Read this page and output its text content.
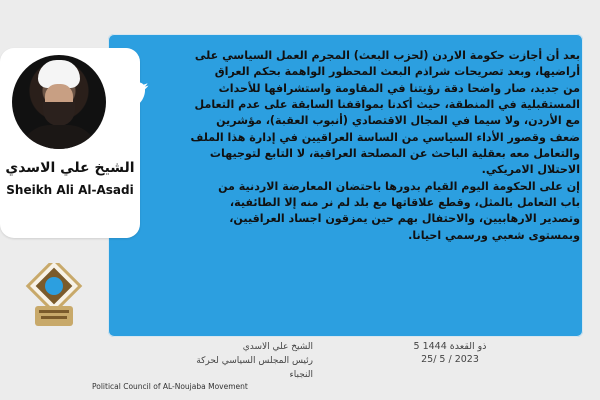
الشيخ علي الاسدي
Sheikh Ali Al-Asadi
بعد أن أجازت حكومة الاردن (لحزب البعث) المجرم العمل السياسي على
أراضيها، وبعد تصريحات شراذم البعث المحظور الواهمة بحكم العراق
من جديد، صار واضحا دقة رؤيتنا في المقاومة واستشرافها للأحداث
المستقبلية في المنطقة، حيث أكدنا بمواقفنا السابقة على عدم التعامل
مع الأردن، ولا سيما في المجال الاقتصادي (أنبوب العقبة)، مؤشرين
ضعف وقصور الأداء السياسي من الساسة العراقيين في إدارة هذا الملف
والتعامل معه بعقلية الباحث عن المصلحة العراقية، لا التابع لتوجيهات
الاحتلال الامريكي.
إن على الحكومة اليوم القيام بدورها باحتضان المعارضة الاردنية من
باب التعامل بالمثل، وقطع علاقاتها مع بلد لم نر منه إلا الطائفية،
وتصدير الارهابيين، والاحتفال بهم حين يمزقون اجساد العراقيين،
وبمستوى شعبي ورسمي احيانا.
الشيخ علي الاسدي
رئيس المجلس السياسي لحركة النجباء
5 ذو القعدة 1444
25/ 5 / 2023
Political Council of AL-Noujaba Movement
